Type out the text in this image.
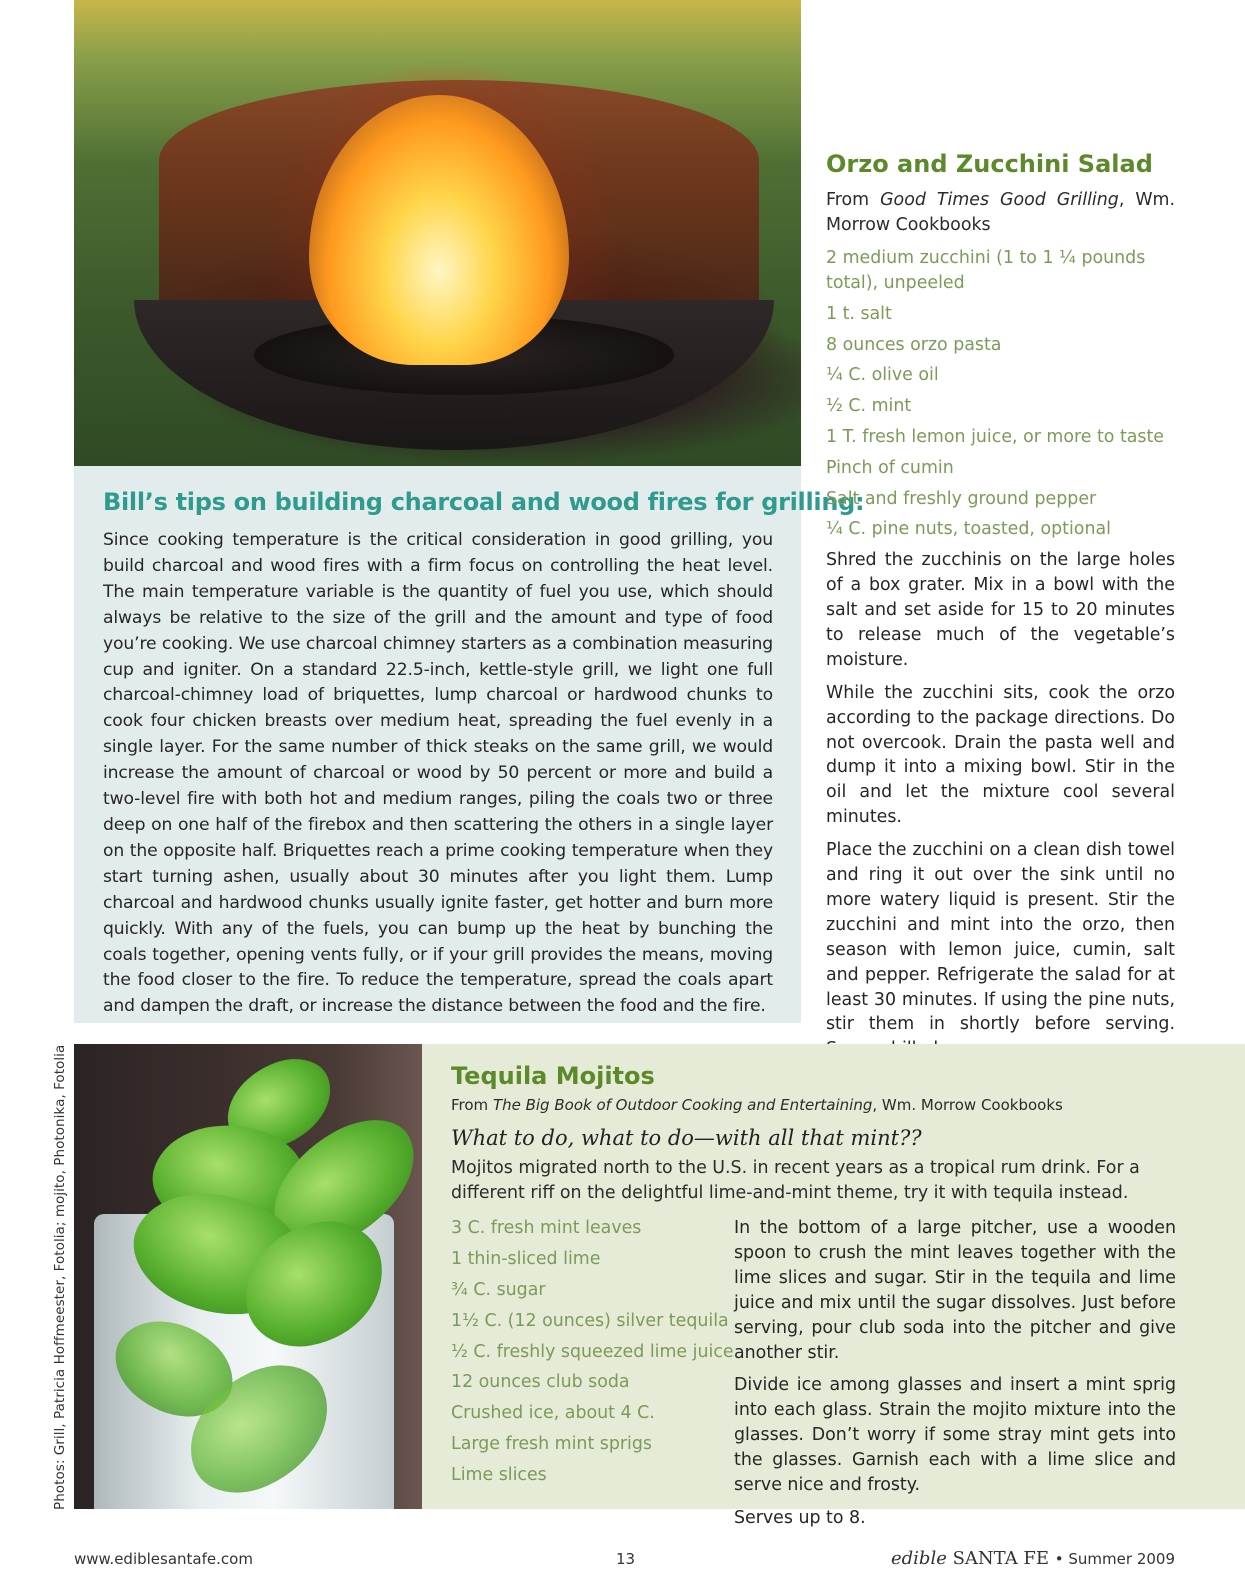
Bill’s tips on building charcoal and wood fires for grilling:

Since cooking temperature is the critical consideration in good grilling, you build charcoal and wood fires with a firm focus on controlling the heat level. The main temperature variable is the quantity of fuel you use, which should always be relative to the size of the grill and the amount and type of food you’re cooking. We use charcoal chimney starters as a combination measuring cup and igniter. On a standard 22.5-inch, kettle-style grill, we light one full charcoal-chimney load of briquettes, lump charcoal or hardwood chunks to cook four chicken breasts over medium heat, spreading the fuel evenly in a single layer. For the same number of thick steaks on the same grill, we would increase the amount of charcoal or wood by 50 percent or more and build a two-level fire with both hot and medium ranges, piling the coals two or three deep on one half of the firebox and then scattering the others in a single layer on the opposite half. Briquettes reach a prime cooking temperature when they start turning ashen, usually about 30 minutes after you light them. Lump charcoal and hardwood chunks usually ignite faster, get hotter and burn more quickly. With any of the fuels, you can bump up the heat by bunching the coals together, opening vents fully, or if your grill provides the means, moving the food closer to the fire. To reduce the temperature, spread the coals apart and dampen the draft, or increase the distance between the food and the fire.

Orzo and Zucchini Salad

From Good Times Good Grilling, Wm. Morrow Cookbooks

2 medium zucchini (1 to 1 ¼ pounds total), unpeeled
1 t. salt
8 ounces orzo pasta
¼ C. olive oil
½ C. mint
1 T. fresh lemon juice, or more to taste
Pinch of cumin
Salt and freshly ground pepper
¼ C. pine nuts, toasted, optional

Shred the zucchinis on the large holes of a box grater. Mix in a bowl with the salt and set aside for 15 to 20 minutes to release much of the vegetable’s moisture.

While the zucchini sits, cook the orzo according to the package directions. Do not overcook. Drain the pasta well and dump it into a mixing bowl. Stir in the oil and let the mixture cool several minutes.

Place the zucchini on a clean dish towel and ring it out over the sink until no more watery liquid is present. Stir the zucchini and mint into the orzo, then season with lemon juice, cumin, salt and pepper. Refrigerate the salad for at least 30 minutes. If using the pine nuts, stir them in shortly before serving.

Photos: Grill, Patricia Hoffmeester, Fotolia; mojito, Photonika, Fotolia	Tequila Mojitos

From The Big Book of Outdoor Cooking and Entertaining, Wm. Morrow Cookbooks

What to do, what to do—with all that mint??

Mojitos migrated north to the U.S. in recent years as a tropical rum drink. For a different riff on the delightful lime-and-mint theme, try it with tequila instead.

3 C. fresh mint leaves
1 thin-sliced lime
¾ C. sugar
1½ C. (12 ounces) silver tequila
½ C. freshly squeezed lime juice
12 ounces club soda
Crushed ice, about 4 C.
Large fresh mint sprigs
Lime slices

In the bottom of a large pitcher, use a wooden spoon to crush the mint leaves together with the lime slices and sugar. Stir in the tequila and lime juice and mix until the sugar dissolves. Just before serving, pour club soda into the pitcher and give another stir.

Divide ice among glasses and insert a mint sprig into each glass. Strain the mojito mixture into the glasses. Don’t worry if some stray mint gets into the glasses. Garnish each with a lime slice and serve nice and frosty.

Serves up to 8.

www.ediblesantafe.com	13	edible SANTA FE • Summer 2009
